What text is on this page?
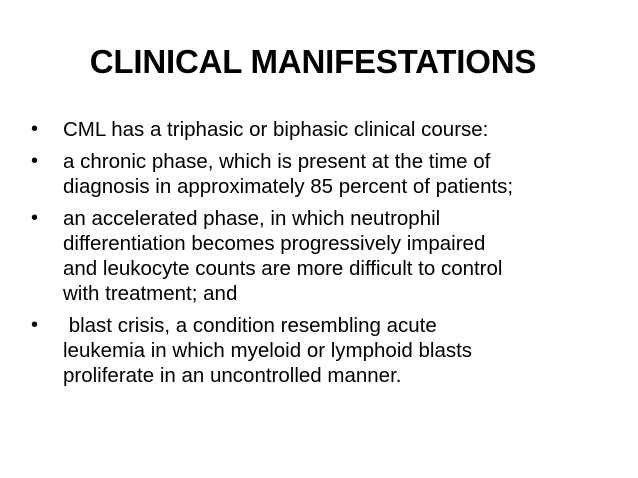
CLINICAL MANIFESTATIONS
•	CML has a triphasic or biphasic clinical course:
•	a chronic phase, which is present at the time of
diagnosis in approximately 85 percent of patients;
•	an accelerated phase, in which neutrophil
differentiation becomes progressively impaired
and leukocyte counts are more difficult to control
with treatment; and
•	blast crisis, a condition resembling acute
leukemia in which myeloid or lymphoid blasts
proliferate in an uncontrolled manner.
